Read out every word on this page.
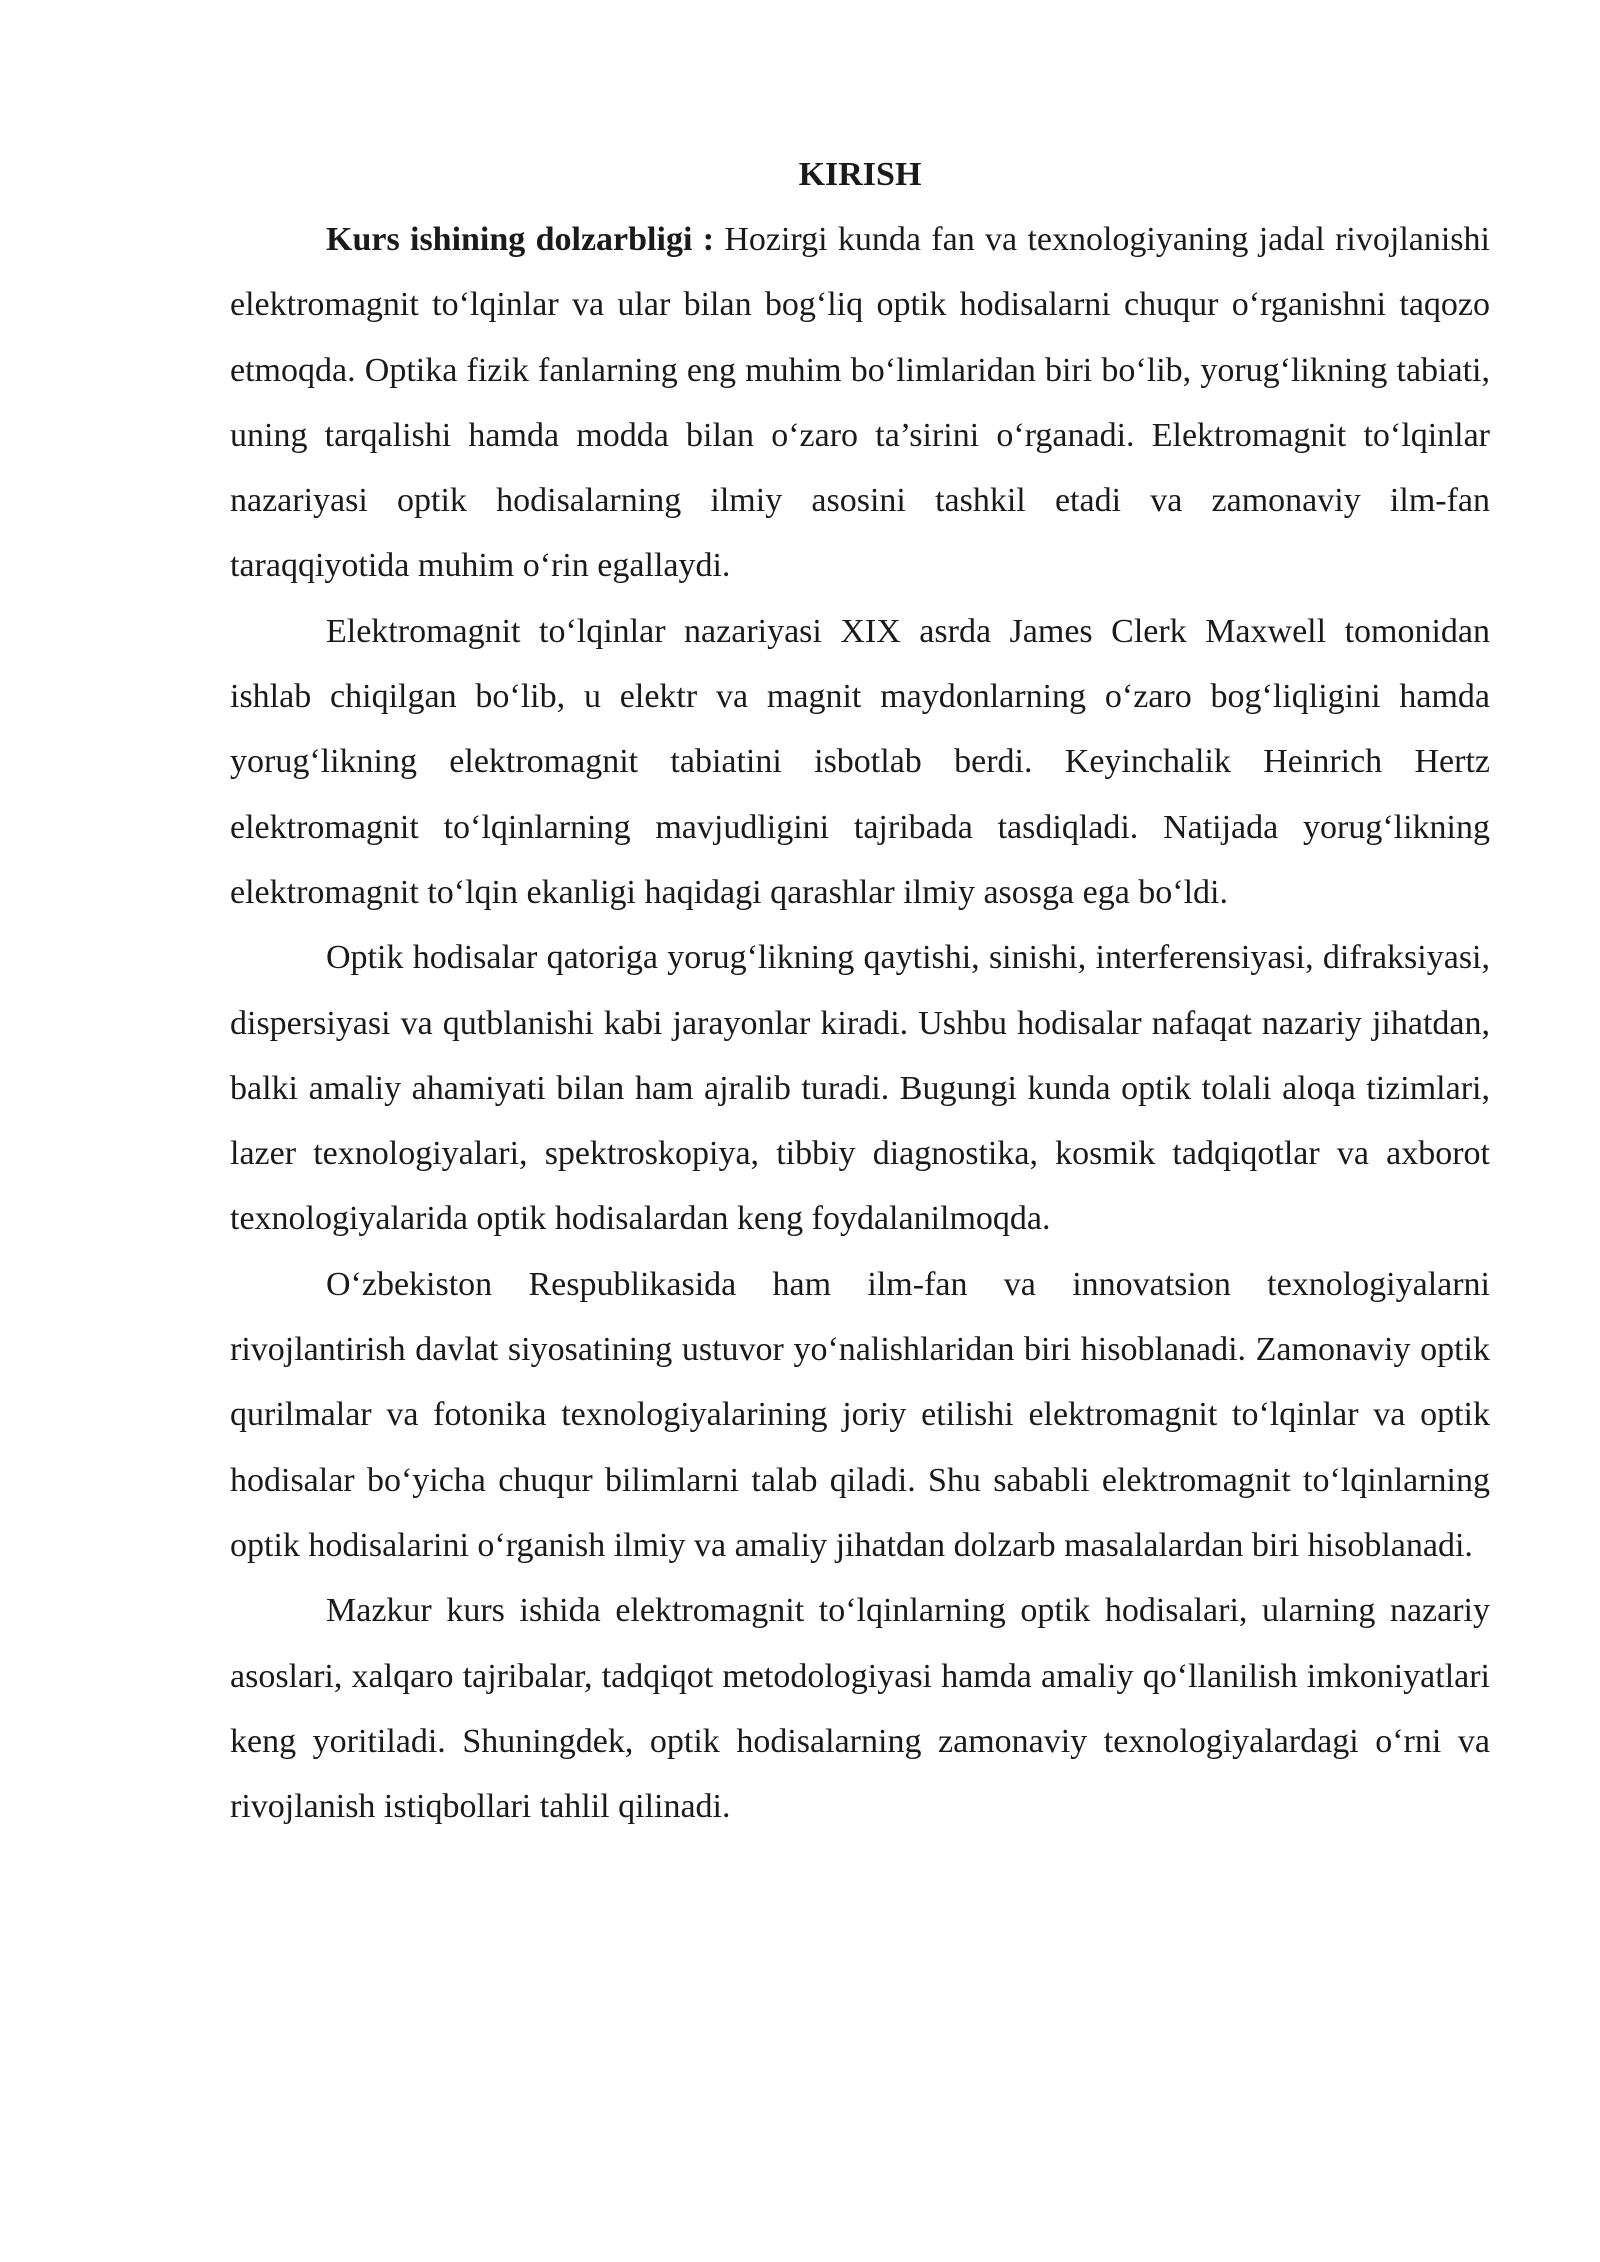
KIRISH

Kurs ishining dolzarbligi : Hozirgi kunda fan va texnologiyaning jadal rivojlanishi elektromagnit to‘lqinlar va ular bilan bog‘liq optik hodisalarni chuqur o‘rganishni taqozo etmoqda. Optika fizik fanlarning eng muhim bo‘limlaridan biri bo‘lib, yorug‘likning tabiati, uning tarqalishi hamda modda bilan o‘zaro ta’sirini o‘rganadi. Elektromagnit to‘lqinlar nazariyasi optik hodisalarning ilmiy asosini tashkil etadi va zamonaviy ilm-fan taraqqiyotida muhim o‘rin egallaydi.

Elektromagnit to‘lqinlar nazariyasi XIX asrda James Clerk Maxwell tomonidan ishlab chiqilgan bo‘lib, u elektr va magnit maydonlarning o‘zaro bog‘liqligini hamda yorug‘likning elektromagnit tabiatini isbotlab berdi. Keyinchalik Heinrich Hertz elektromagnit to‘lqinlarning mavjudligini tajribada tasdiqladi. Natijada yorug‘likning elektromagnit to‘lqin ekanligi haqidagi qarashlar ilmiy asosga ega bo‘ldi.

Optik hodisalar qatoriga yorug‘likning qaytishi, sinishi, interferensiyasi, difraksiyasi, dispersiyasi va qutblanishi kabi jarayonlar kiradi. Ushbu hodisalar nafaqat nazariy jihatdan, balki amaliy ahamiyati bilan ham ajralib turadi. Bugungi kunda optik tolali aloqa tizimlari, lazer texnologiyalari, spektroskopiya, tibbiy diagnostika, kosmik tadqiqotlar va axborot texnologiyalarida optik hodisalardan keng foydalanilmoqda.

O‘zbekiston Respublikasida ham ilm-fan va innovatsion texnologiyalarni rivojlantirish davlat siyosatining ustuvor yo‘nalishlaridan biri hisoblanadi. Zamonaviy optik qurilmalar va fotonika texnologiyalarining joriy etilishi elektromagnit to‘lqinlar va optik hodisalar bo‘yicha chuqur bilimlarni talab qiladi. Shu sababli elektromagnit to‘lqinlarning optik hodisalarini o‘rganish ilmiy va amaliy jihatdan dolzarb masalalardan biri hisoblanadi.

Mazkur kurs ishida elektromagnit to‘lqinlarning optik hodisalari, ularning nazariy asoslari, xalqaro tajribalar, tadqiqot metodologiyasi hamda amaliy qo‘llanilish imkoniyatlari keng yoritiladi. Shuningdek, optik hodisalarning zamonaviy texnologiyalardagi o‘rni va rivojlanish istiqbollari tahlil qilinadi.
